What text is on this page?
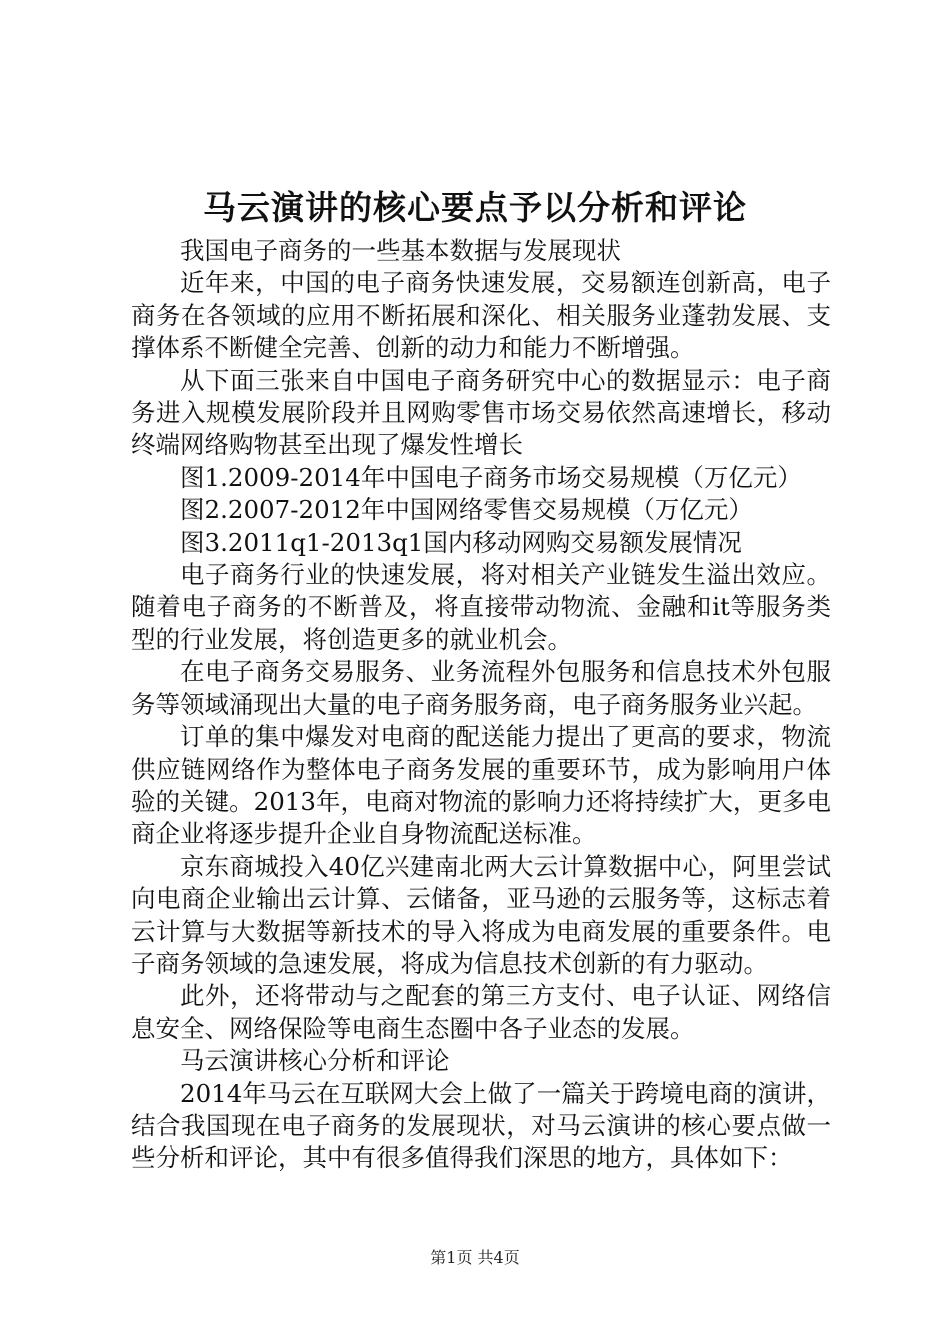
马云演讲的核心要点予以分析和评论

我国电子商务的一些基本数据与发展现状

近年来，中国的电子商务快速发展，交易额连创新高，电子商务在各领域的应用不断拓展和深化、相关服务业蓬勃发展、支撑体系不断健全完善、创新的动力和能力不断增强。

从下面三张来自中国电子商务研究中心的数据显示：电子商务进入规模发展阶段并且网购零售市场交易依然高速增长，移动终端网络购物甚至出现了爆发性增长

图1.2009-2014年中国电子商务市场交易规模（万亿元）

图2.2007-2012年中国网络零售交易规模（万亿元）

图3.2011q1-2013q1国内移动网购交易额发展情况

电子商务行业的快速发展，将对相关产业链发生溢出效应。随着电子商务的不断普及，将直接带动物流、金融和it等服务类型的行业发展，将创造更多的就业机会。

在电子商务交易服务、业务流程外包服务和信息技术外包服务等领域涌现出大量的电子商务服务商，电子商务服务业兴起。

订单的集中爆发对电商的配送能力提出了更高的要求，物流供应链网络作为整体电子商务发展的重要环节，成为影响用户体验的关键。2013年，电商对物流的影响力还将持续扩大，更多电商企业将逐步提升企业自身物流配送标准。

京东商城投入40亿兴建南北两大云计算数据中心，阿里尝试向电商企业输出云计算、云储备，亚马逊的云服务等，这标志着云计算与大数据等新技术的导入将成为电商发展的重要条件。电子商务领域的急速发展，将成为信息技术创新的有力驱动。

此外，还将带动与之配套的第三方支付、电子认证、网络信息安全、网络保险等电商生态圈中各子业态的发展。

马云演讲核心分析和评论

2014年马云在互联网大会上做了一篇关于跨境电商的演讲，结合我国现在电子商务的发展现状，对马云演讲的核心要点做一些分析和评论，其中有很多值得我们深思的地方，具体如下：

第1页 共4页
